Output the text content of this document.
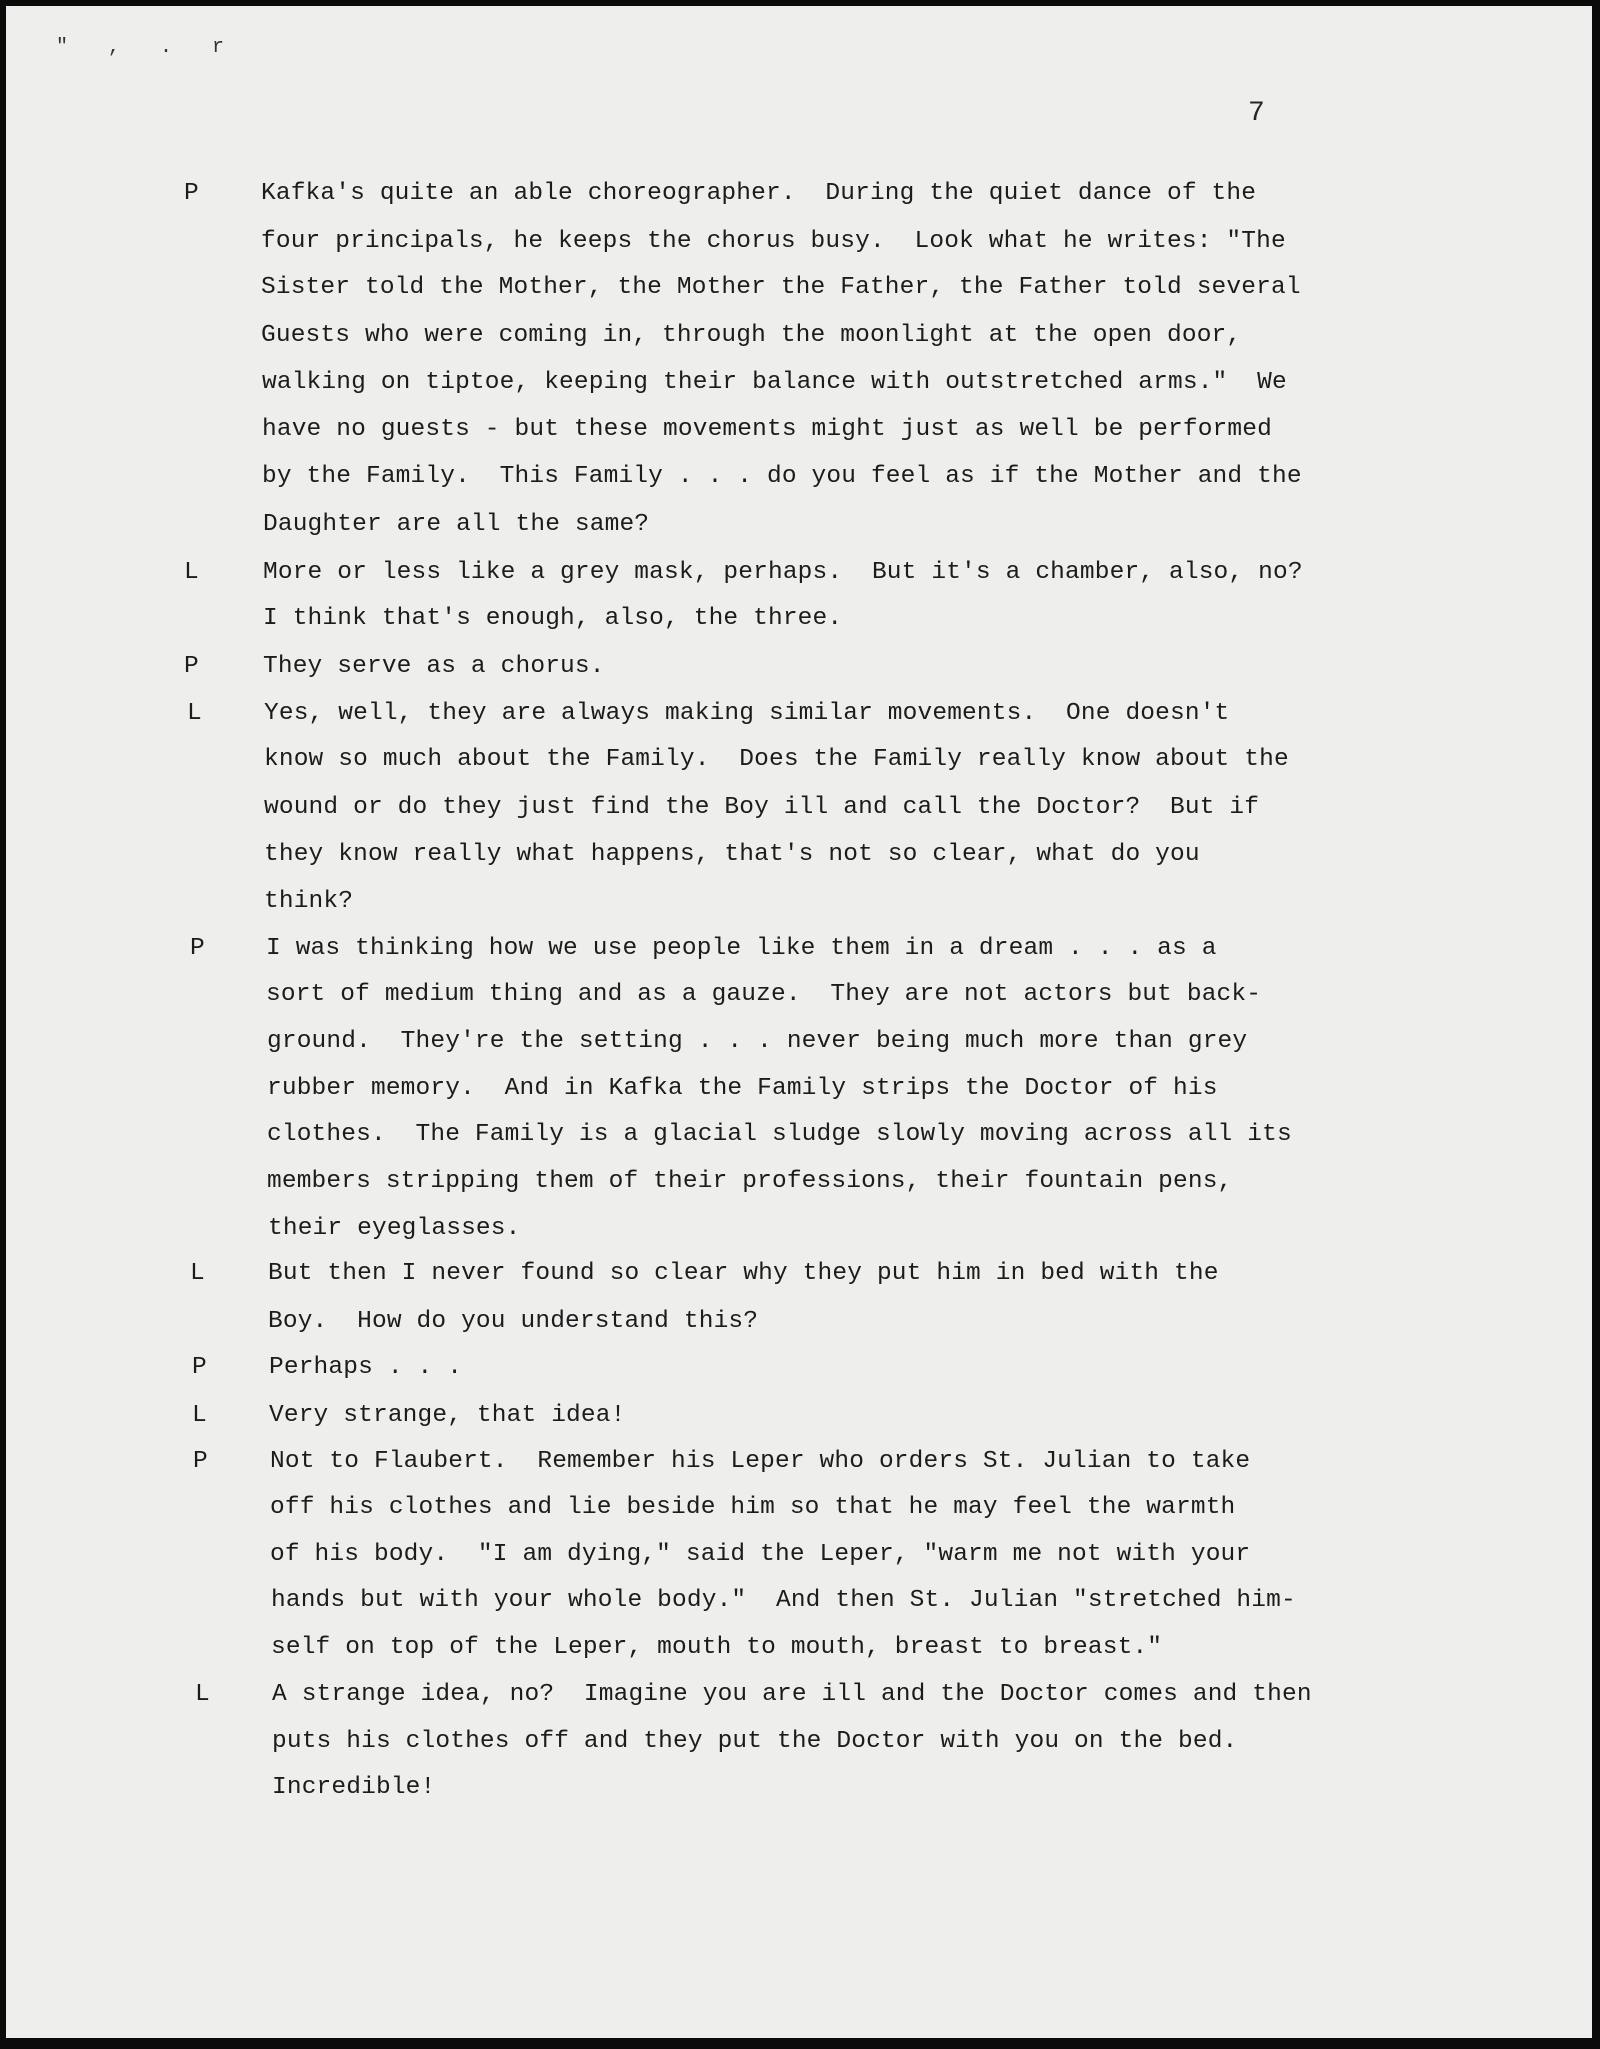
" , . r
7
P
L
P
L
P
L
P
L
P
L
Kafka's quite an able choreographer.  During the quiet dance of the
four principals, he keeps the chorus busy.  Look what he writes: "The
Sister told the Mother, the Mother the Father, the Father told several
Guests who were coming in, through the moonlight at the open door,
walking on tiptoe, keeping their balance with outstretched arms."  We
have no guests - but these movements might just as well be performed
by the Family.  This Family . . . do you feel as if the Mother and the
Daughter are all the same?
More or less like a grey mask, perhaps.  But it's a chamber, also, no?
I think that's enough, also, the three.
They serve as a chorus.
Yes, well, they are always making similar movements.  One doesn't
know so much about the Family.  Does the Family really know about the
wound or do they just find the Boy ill and call the Doctor?  But if
they know really what happens, that's not so clear, what do you
think?
I was thinking how we use people like them in a dream . . . as a
sort of medium thing and as a gauze.  They are not actors but back-
ground.  They're the setting . . . never being much more than grey
rubber memory.  And in Kafka the Family strips the Doctor of his
clothes.  The Family is a glacial sludge slowly moving across all its
members stripping them of their professions, their fountain pens,
their eyeglasses.
But then I never found so clear why they put him in bed with the
Boy.  How do you understand this?
Perhaps . . .
Very strange, that idea!
Not to Flaubert.  Remember his Leper who orders St. Julian to take
off his clothes and lie beside him so that he may feel the warmth
of his body.  "I am dying," said the Leper, "warm me not with your
hands but with your whole body."  And then St. Julian "stretched him-
self on top of the Leper, mouth to mouth, breast to breast."
A strange idea, no?  Imagine you are ill and the Doctor comes and then
puts his clothes off and they put the Doctor with you on the bed.
Incredible!
